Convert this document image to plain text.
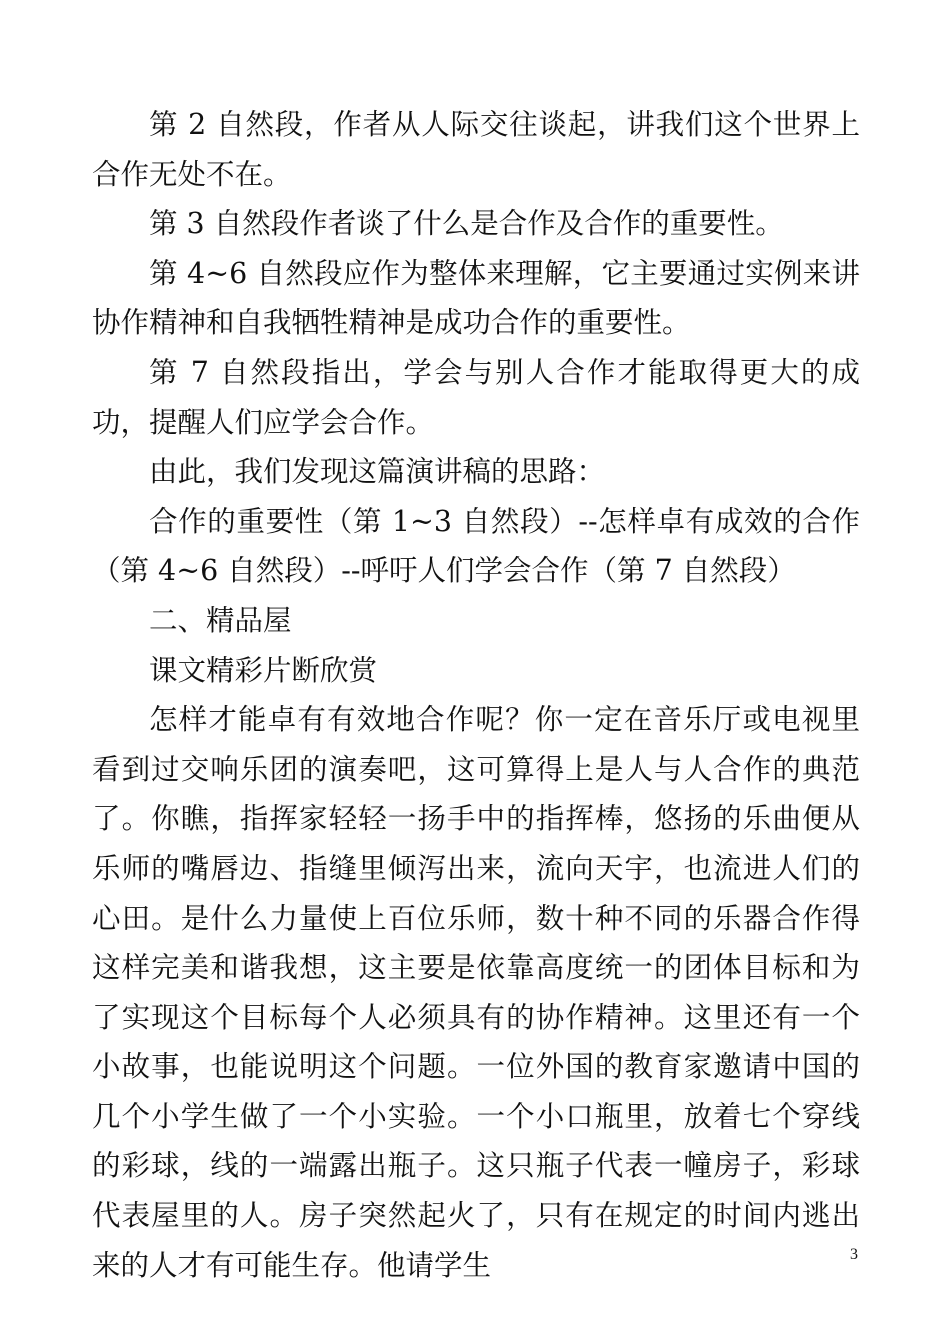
第 2 自然段，作者从人际交往谈起，讲我们这个世界上合作无处不在。

第 3 自然段作者谈了什么是合作及合作的重要性。

第 4~6 自然段应作为整体来理解，它主要通过实例来讲协作精神和自我牺牲精神是成功合作的重要性。

第 7 自然段指出，学会与别人合作才能取得更大的成功，提醒人们应学会合作。

由此，我们发现这篇演讲稿的思路：

合作的重要性（第 1~3 自然段）--怎样卓有成效的合作（第 4~6 自然段）--呼吁人们学会合作（第 7 自然段）

二、精品屋

课文精彩片断欣赏

怎样才能卓有有效地合作呢？你一定在音乐厅或电视里看到过交响乐团的演奏吧，这可算得上是人与人合作的典范了。你瞧，指挥家轻轻一扬手中的指挥棒，悠扬的乐曲便从乐师的嘴唇边、指缝里倾泻出来，流向天宇，也流进人们的心田。是什么力量使上百位乐师，数十种不同的乐器合作得这样完美和谐我想，这主要是依靠高度统一的团体目标和为了实现这个目标每个人必须具有的协作精神。这里还有一个小故事，也能说明这个问题。一位外国的教育家邀请中国的几个小学生做了一个小实验。一个小口瓶里，放着七个穿线的彩球，线的一端露出瓶子。这只瓶子代表一幢房子，彩球代表屋里的人。房子突然起火了，只有在规定的时间内逃出来的人才有可能生存。他请学生	3
